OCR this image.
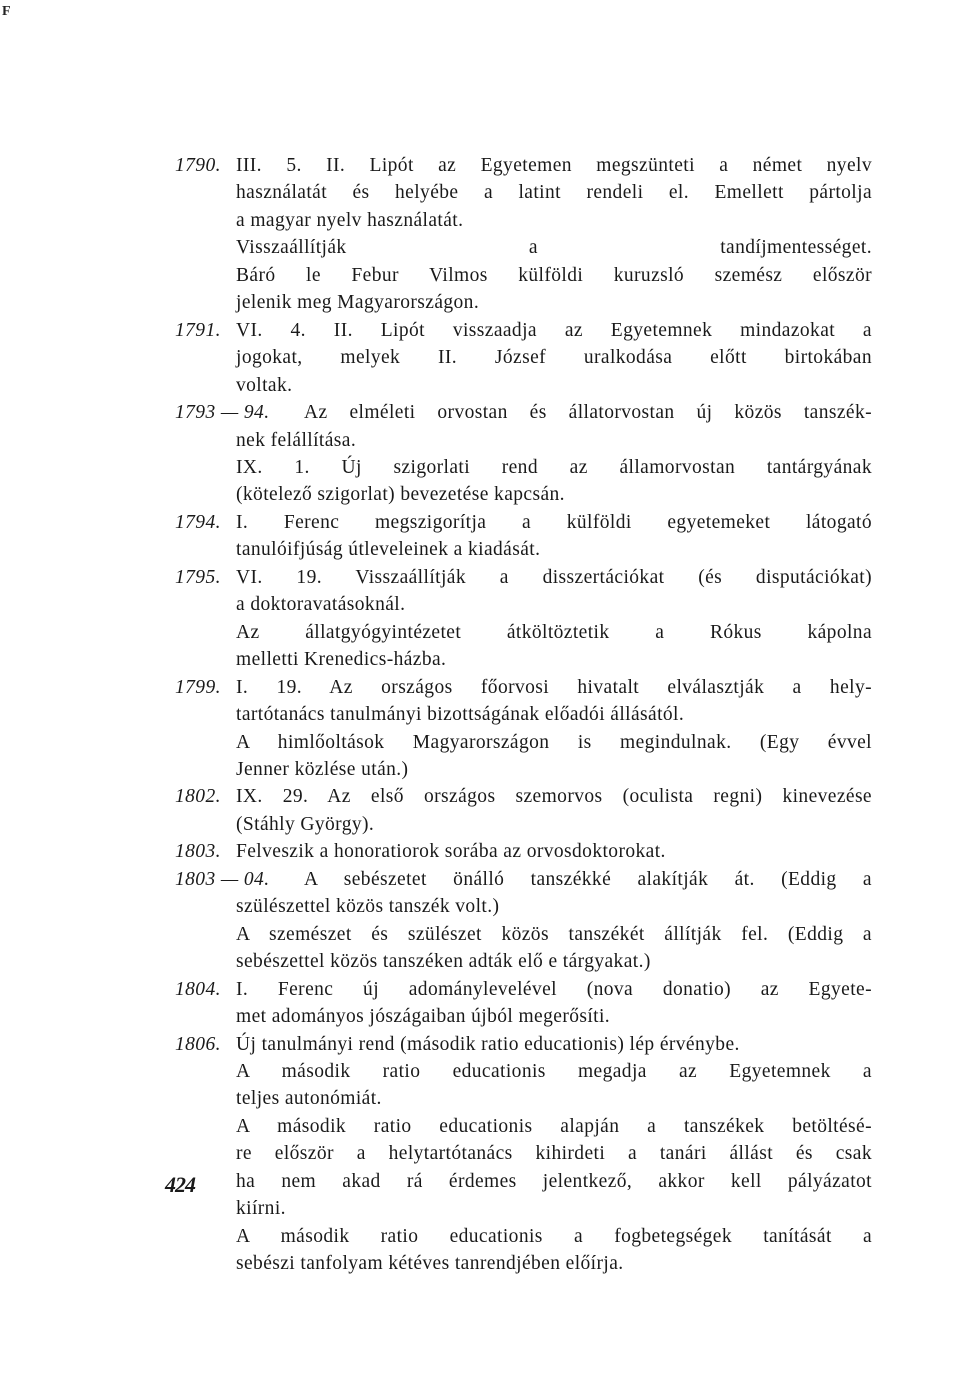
F
1790. III. 5. II. Lipót az Egyetemen megszünteti a német nyelv
használatát és helyébe a latint rendeli el. Emellett pártolja
a magyar nyelv használatát.
Visszaállítják a tandíjmentességet.
Báró le Febur Vilmos külföldi kuruzsló szemész először
jelenik meg Magyarországon.
1791. VI. 4. II. Lipót visszaadja az Egyetemnek mindazokat a
jogokat, melyek II. József uralkodása előtt birtokában
voltak.
1793 — 94.	Az elméleti orvostan és állatorvostan új közös tanszék-
nek felállítása.
IX. 1. Új szigorlati rend az államorvostan tantárgyának
(kötelező szigorlat) bevezetése kapcsán.
1794. I. Ferenc megszigorítja a külföldi egyetemeket látogató
tanulóifjúság útleveleinek a kiadását.
1795. VI. 19. Visszaállítják a disszertációkat (és disputációkat)
a doktoravatásoknál.
Az állatgyógyintézetet átköltöztetik a Rókus kápolna
melletti Krenedics-házba.
1799. I. 19. Az országos főorvosi hivatalt elválasztják a hely-
tartótanács tanulmányi bizottságának előadói állásától.
A himlőoltások Magyarországon is megindulnak. (Egy évvel
Jenner közlése után.)
1802. IX. 29. Az első országos szemorvos (oculista regni) kinevezése
(Stáhly György).
1803. Felveszik a honoratiorok sorába az orvosdoktorokat.
1803 — 04.	A sebészetet önálló tanszékké alakítják át. (Eddig a
szülészettel közös tanszék volt.)
A szemészet és szülészet közös tanszékét állítják fel. (Eddig a
sebészettel közös tanszéken adták elő e tárgyakat.)
1804. I. Ferenc új adománylevelével (nova donatio) az Egyete-
met adományos jószágaiban újból megerősíti.
1806. Új tanulmányi rend (második ratio educationis) lép érvénybe.
A második ratio educationis megadja az Egyetemnek a
teljes autonómiát.
A második ratio educationis alapján a tanszékek betöltésé-
re először a helytartótanács kihirdeti a tanári állást és csak
ha nem akad rá érdemes jelentkező, akkor kell pályázatot
kiírni.
A második ratio educationis a fogbetegségek tanítását a
sebészi tanfolyam kétéves tanrendjében előírja.
424
